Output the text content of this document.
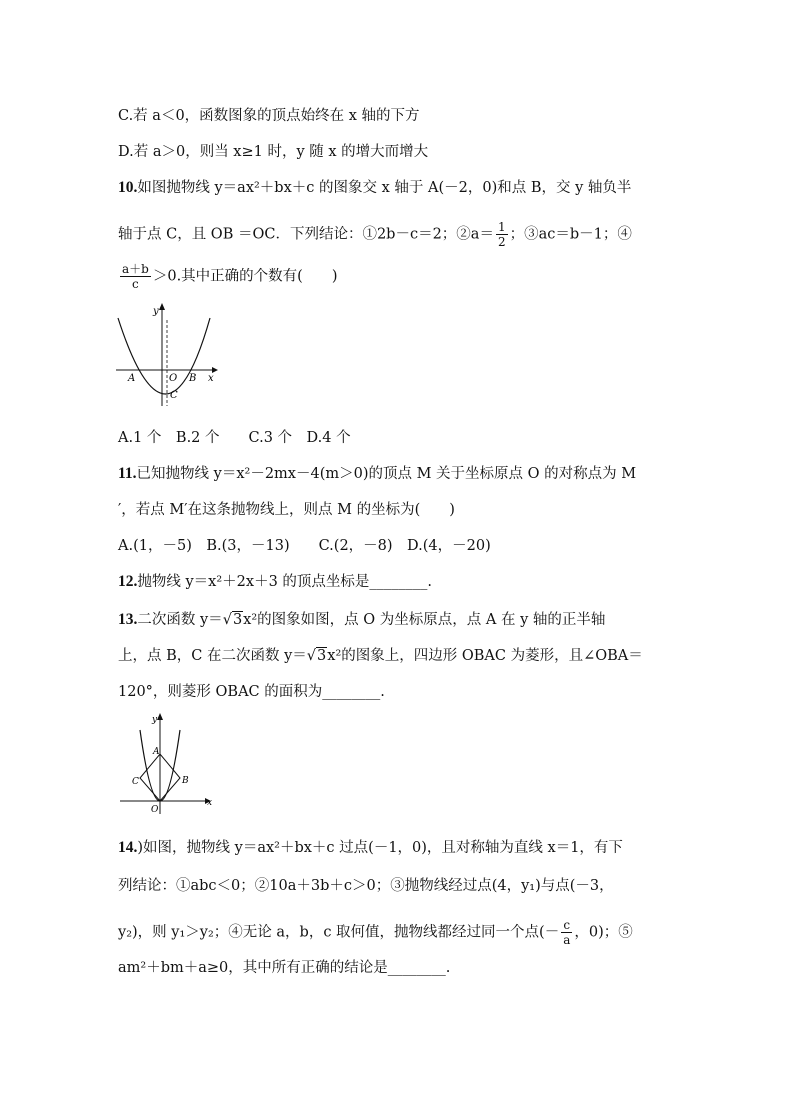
C.若 a＜0，函数图象的顶点始终在 x 轴的下方
D.若 a＞0，则当 x≥1 时，y 随 x 的增大而增大
10.如图抛物线 y＝ax²＋bx＋c 的图象交 x 轴于 A(－2，0)和点 B，交 y 轴负半
轴于点 C，且 OB ＝OC．下列结论：①2b－c＝2；②a＝ $\frac{1}{2}$ ；③ac＝b－1；④
$\frac{a+b}{c} >0$.其中正确的个数有(　　)
A	O B
C
x
y
A.1 个　B.2 个　　C.3 个　D.4 个
11.已知抛物线 y＝x²－2mx－4(m＞0)的顶点 M 关于坐标原点 O 的对称点为 M
′，若点 M′在这条抛物线上，则点 M 的坐标为(　　)
A.(1，－5)　B.(3，－13)　　C.(2，－8)　D.(4，－20)
12.抛物线 y＝x²＋2x＋3 的顶点坐标是________.
13.二次函数 y＝√3x²的图象如图，点 O 为坐标原点，点 A 在 y 轴的正半轴
上，点 B，C 在二次函数 y＝√3x²的图象上，四边形 OBAC 为菱形，且∠OBA＝
120°，则菱形 OBAC 的面积为________.
A
B
C
O
x
y
14.)如图，抛物线 y＝ax²＋bx＋c 过点(－1，0)，且对称轴为直线 x＝1，有下
列结论：①abc＜0；②10a＋3b＋c＞0；③抛物线经过点(4，y₁)与点(－3，
y₂)，则 y₁＞y₂；④无论 a，b，c 取何值，抛物线都经过同一个点(－ $\frac{c}{a}$ ，0)；⑤
am²＋bm＋a≥0，其中所有正确的结论是________.
